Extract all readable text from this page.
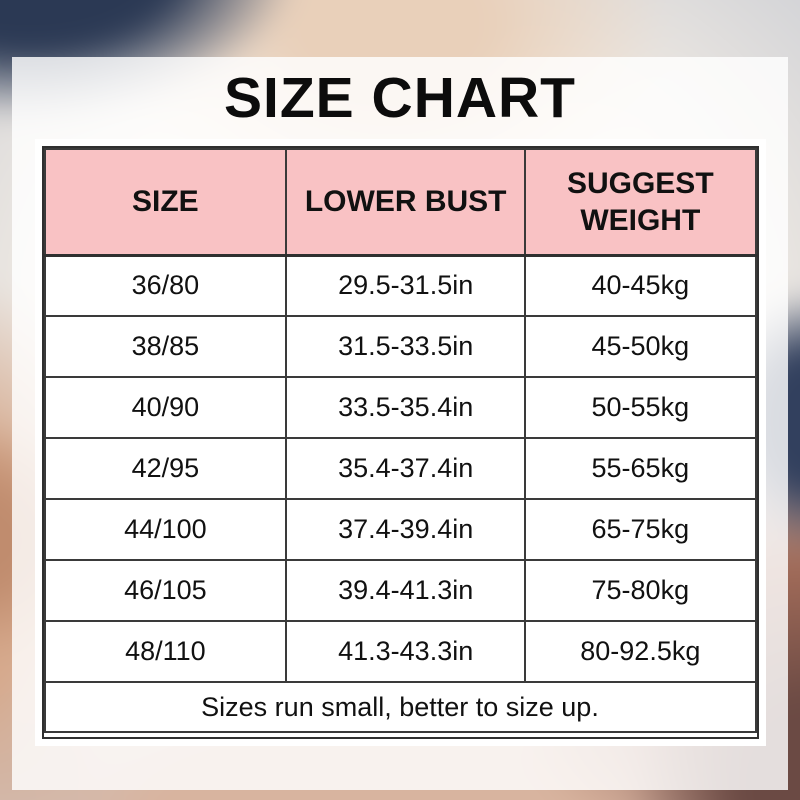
SIZE CHART
SIZE	LOWER BUST	SUGGEST WEIGHT
36/80	29.5-31.5in	40-45kg
38/85	31.5-33.5in	45-50kg
40/90	33.5-35.4in	50-55kg
42/95	35.4-37.4in	55-65kg
44/100	37.4-39.4in	65-75kg
46/105	39.4-41.3in	75-80kg
48/110	41.3-43.3in	80-92.5kg
Sizes run small, better to size up.		
